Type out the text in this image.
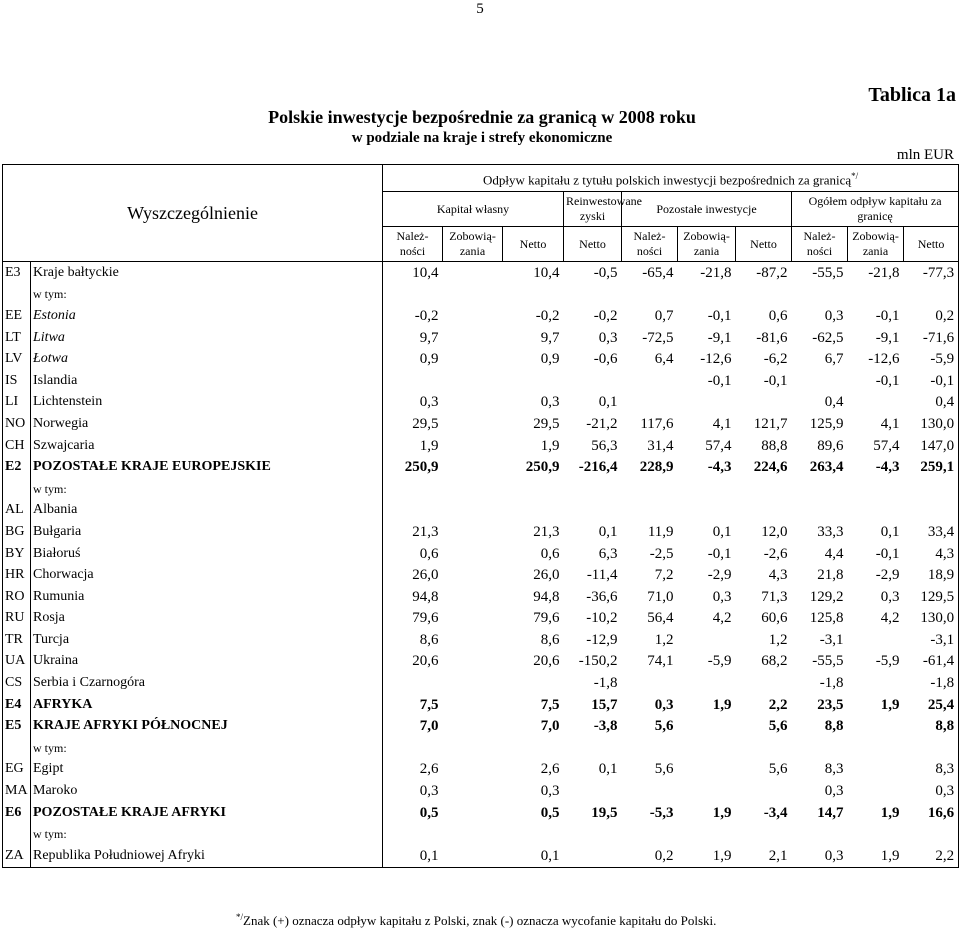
5
Tablica 1a
Polskie inwestycje bezpośrednie za granicą w 2008 roku
w podziale na kraje i strefy ekonomiczne
mln EUR
Wyszczególnienie		Odpływ kapitału z tytułu polskich inwestycji bezpośrednich za granicą*/
		Kapitał własny			Reinwestowane zyski	Pozostałe inwestycje			Ogółem odpływ kapitału za granicę		
		Należ- ności	Zobowią- zania	Netto	Netto	Należ- ności	Zobowią- zania	Netto	Należ- ności	Zobowią- zania	Netto
E3	Kraje bałtyckie	10,4		10,4	-0,5	-65,4	-21,8	-87,2	-55,5	-21,8	-77,3
	w tym:										
EE	Estonia	-0,2		-0,2	-0,2	0,7	-0,1	0,6	0,3	-0,1	0,2
LT	Litwa	9,7		9,7	0,3	-72,5	-9,1	-81,6	-62,5	-9,1	-71,6
LV	Łotwa	0,9		0,9	-0,6	6,4	-12,6	-6,2	6,7	-12,6	-5,9
IS	Islandia						-0,1	-0,1		-0,1	-0,1
LI	Lichtenstein	0,3		0,3	0,1				0,4		0,4
NO	Norwegia	29,5		29,5	-21,2	117,6	4,1	121,7	125,9	4,1	130,0
CH	Szwajcaria	1,9		1,9	56,3	31,4	57,4	88,8	89,6	57,4	147,0
E2	POZOSTAŁE KRAJE EUROPEJSKIE	250,9		250,9	-216,4	228,9	-4,3	224,6	263,4	-4,3	259,1
	w tym:										
AL	Albania										
BG	Bułgaria	21,3		21,3	0,1	11,9	0,1	12,0	33,3	0,1	33,4
BY	Białoruś	0,6		0,6	6,3	-2,5	-0,1	-2,6	4,4	-0,1	4,3
HR	Chorwacja	26,0		26,0	-11,4	7,2	-2,9	4,3	21,8	-2,9	18,9
RO	Rumunia	94,8		94,8	-36,6	71,0	0,3	71,3	129,2	0,3	129,5
RU	Rosja	79,6		79,6	-10,2	56,4	4,2	60,6	125,8	4,2	130,0
TR	Turcja	8,6		8,6	-12,9	1,2		1,2	-3,1		-3,1
UA	Ukraina	20,6		20,6	-150,2	74,1	-5,9	68,2	-55,5	-5,9	-61,4
CS	Serbia i Czarnogóra				-1,8				-1,8		-1,8
E4	AFRYKA	7,5		7,5	15,7	0,3	1,9	2,2	23,5	1,9	25,4
E5	KRAJE AFRYKI PÓŁNOCNEJ	7,0		7,0	-3,8	5,6		5,6	8,8		8,8
	w tym:										
EG	Egipt	2,6		2,6	0,1	5,6		5,6	8,3		8,3
MA	Maroko	0,3		0,3					0,3		0,3
E6	POZOSTAŁE KRAJE AFRYKI	0,5		0,5	19,5	-5,3	1,9	-3,4	14,7	1,9	16,6
	w tym:										
ZA	Republika Południowej Afryki	0,1		0,1		0,2	1,9	2,1	0,3	1,9	2,2
*/Znak (+) oznacza odpływ kapitału z Polski, znak (-) oznacza wycofanie kapitału do Polski.
